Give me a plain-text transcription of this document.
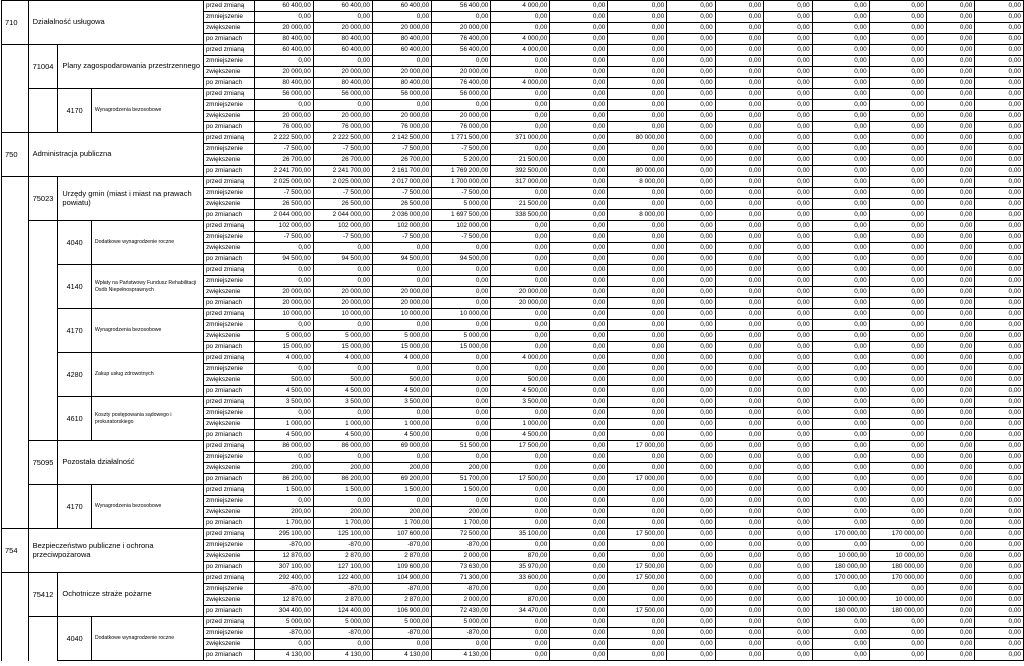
710	Działalność usługowa			przed zmianą	60 400,00	60 400,00	60 400,00	56 400,00	4 000,00	0,00	0,00	0,00	0,00	0,00	0,00	0,00	0,00	0,00
				zmniejszenie	0,00	0,00	0,00	0,00	0,00	0,00	0,00	0,00	0,00	0,00	0,00	0,00	0,00	0,00
				zwiększenie	20 000,00	20 000,00	20 000,00	20 000,00	0,00	0,00	0,00	0,00	0,00	0,00	0,00	0,00	0,00	0,00
				po zmianach	80 400,00	80 400,00	80 400,00	76 400,00	4 000,00	0,00	0,00	0,00	0,00	0,00	0,00	0,00	0,00	0,00
	71004	Plany zagospodarowania przestrzennego		przed zmianą	60 400,00	60 400,00	60 400,00	56 400,00	4 000,00	0,00	0,00	0,00	0,00	0,00	0,00	0,00	0,00	0,00
				zmniejszenie	0,00	0,00	0,00	0,00	0,00	0,00	0,00	0,00	0,00	0,00	0,00	0,00	0,00	0,00
				zwiększenie	20 000,00	20 000,00	20 000,00	20 000,00	0,00	0,00	0,00	0,00	0,00	0,00	0,00	0,00	0,00	0,00
				po zmianach	80 400,00	80 400,00	80 400,00	76 400,00	4 000,00	0,00	0,00	0,00	0,00	0,00	0,00	0,00	0,00	0,00
		4170	Wynagrodzenia bezosobowe	przed zmianą	56 000,00	56 000,00	56 000,00	56 000,00	0,00	0,00	0,00	0,00	0,00	0,00	0,00	0,00	0,00	0,00
				zmniejszenie	0,00	0,00	0,00	0,00	0,00	0,00	0,00	0,00	0,00	0,00	0,00	0,00	0,00	0,00
				zwiększenie	20 000,00	20 000,00	20 000,00	20 000,00	0,00	0,00	0,00	0,00	0,00	0,00	0,00	0,00	0,00	0,00
				po zmianach	76 000,00	76 000,00	76 000,00	76 000,00	0,00	0,00	0,00	0,00	0,00	0,00	0,00	0,00	0,00	0,00
750	Administracja publiczna			przed zmianą	2 222 500,00	2 222 500,00	2 142 500,00	1 771 500,00	371 000,00	0,00	80 000,00	0,00	0,00	0,00	0,00	0,00	0,00	0,00
				zmniejszenie	-7 500,00	-7 500,00	-7 500,00	-7 500,00	0,00	0,00	0,00	0,00	0,00	0,00	0,00	0,00	0,00	0,00
				zwiększenie	26 700,00	26 700,00	26 700,00	5 200,00	21 500,00	0,00	0,00	0,00	0,00	0,00	0,00	0,00	0,00	0,00
				po zmianach	2 241 700,00	2 241 700,00	2 161 700,00	1 769 200,00	392 500,00	0,00	80 000,00	0,00	0,00	0,00	0,00	0,00	0,00	0,00
	75023	Urzędy gmin (miast i miast na prawach powiatu)		przed zmianą	2 025 000,00	2 025 000,00	2 017 000,00	1 700 000,00	317 000,00	0,00	8 000,00	0,00	0,00	0,00	0,00	0,00	0,00	0,00
				zmniejszenie	-7 500,00	-7 500,00	-7 500,00	-7 500,00	0,00	0,00	0,00	0,00	0,00	0,00	0,00	0,00	0,00	0,00
				zwiększenie	26 500,00	26 500,00	26 500,00	5 000,00	21 500,00	0,00	0,00	0,00	0,00	0,00	0,00	0,00	0,00	0,00
				po zmianach	2 044 000,00	2 044 000,00	2 036 000,00	1 697 500,00	338 500,00	0,00	8 000,00	0,00	0,00	0,00	0,00	0,00	0,00	0,00
		4040	Dodatkowe wynagrodzenie roczne	przed zmianą	102 000,00	102 000,00	102 000,00	102 000,00	0,00	0,00	0,00	0,00	0,00	0,00	0,00	0,00	0,00	0,00
				zmniejszenie	-7 500,00	-7 500,00	-7 500,00	-7 500,00	0,00	0,00	0,00	0,00	0,00	0,00	0,00	0,00	0,00	0,00
				zwiększenie	0,00	0,00	0,00	0,00	0,00	0,00	0,00	0,00	0,00	0,00	0,00	0,00	0,00	0,00
				po zmianach	94 500,00	94 500,00	94 500,00	94 500,00	0,00	0,00	0,00	0,00	0,00	0,00	0,00	0,00	0,00	0,00
		4140	Wpłaty na Państwowy Fundusz Rehabilitacji Osób Niepełnosprawnych	przed zmianą	0,00	0,00	0,00	0,00	0,00	0,00	0,00	0,00	0,00	0,00	0,00	0,00	0,00	0,00
				zmniejszenie	0,00	0,00	0,00	0,00	0,00	0,00	0,00	0,00	0,00	0,00	0,00	0,00	0,00	0,00
				zwiększenie	20 000,00	20 000,00	20 000,00	0,00	20 000,00	0,00	0,00	0,00	0,00	0,00	0,00	0,00	0,00	0,00
				po zmianach	20 000,00	20 000,00	20 000,00	0,00	20 000,00	0,00	0,00	0,00	0,00	0,00	0,00	0,00	0,00	0,00
		4170	Wynagrodzenia bezosobowe	przed zmianą	10 000,00	10 000,00	10 000,00	10 000,00	0,00	0,00	0,00	0,00	0,00	0,00	0,00	0,00	0,00	0,00
				zmniejszenie	0,00	0,00	0,00	0,00	0,00	0,00	0,00	0,00	0,00	0,00	0,00	0,00	0,00	0,00
				zwiększenie	5 000,00	5 000,00	5 000,00	5 000,00	0,00	0,00	0,00	0,00	0,00	0,00	0,00	0,00	0,00	0,00
				po zmianach	15 000,00	15 000,00	15 000,00	15 000,00	0,00	0,00	0,00	0,00	0,00	0,00	0,00	0,00	0,00	0,00
		4280	Zakup usług zdrowotnych	przed zmianą	4 000,00	4 000,00	4 000,00	0,00	4 000,00	0,00	0,00	0,00	0,00	0,00	0,00	0,00	0,00	0,00
				zmniejszenie	0,00	0,00	0,00	0,00	0,00	0,00	0,00	0,00	0,00	0,00	0,00	0,00	0,00	0,00
				zwiększenie	500,00	500,00	500,00	0,00	500,00	0,00	0,00	0,00	0,00	0,00	0,00	0,00	0,00	0,00
				po zmianach	4 500,00	4 500,00	4 500,00	0,00	4 500,00	0,00	0,00	0,00	0,00	0,00	0,00	0,00	0,00	0,00
		4610	Koszty postępowania sądowego i prokuratorskiego	przed zmianą	3 500,00	3 500,00	3 500,00	0,00	3 500,00	0,00	0,00	0,00	0,00	0,00	0,00	0,00	0,00	0,00
				zmniejszenie	0,00	0,00	0,00	0,00	0,00	0,00	0,00	0,00	0,00	0,00	0,00	0,00	0,00	0,00
				zwiększenie	1 000,00	1 000,00	1 000,00	0,00	1 000,00	0,00	0,00	0,00	0,00	0,00	0,00	0,00	0,00	0,00
				po zmianach	4 500,00	4 500,00	4 500,00	0,00	4 500,00	0,00	0,00	0,00	0,00	0,00	0,00	0,00	0,00	0,00
	75095	Pozostała działalność		przed zmianą	86 000,00	86 000,00	69 000,00	51 500,00	17 500,00	0,00	17 000,00	0,00	0,00	0,00	0,00	0,00	0,00	0,00
				zmniejszenie	0,00	0,00	0,00	0,00	0,00	0,00	0,00	0,00	0,00	0,00	0,00	0,00	0,00	0,00
				zwiększenie	200,00	200,00	200,00	200,00	0,00	0,00	0,00	0,00	0,00	0,00	0,00	0,00	0,00	0,00
				po zmianach	86 200,00	86 200,00	69 200,00	51 700,00	17 500,00	0,00	17 000,00	0,00	0,00	0,00	0,00	0,00	0,00	0,00
		4170	Wynagrodzenia bezosobowe	przed zmianą	1 500,00	1 500,00	1 500,00	1 500,00	0,00	0,00	0,00	0,00	0,00	0,00	0,00	0,00	0,00	0,00
				zmniejszenie	0,00	0,00	0,00	0,00	0,00	0,00	0,00	0,00	0,00	0,00	0,00	0,00	0,00	0,00
				zwiększenie	200,00	200,00	200,00	200,00	0,00	0,00	0,00	0,00	0,00	0,00	0,00	0,00	0,00	0,00
				po zmianach	1 700,00	1 700,00	1 700,00	1 700,00	0,00	0,00	0,00	0,00	0,00	0,00	0,00	0,00	0,00	0,00
754	Bezpieczeństwo publiczne i ochrona przeciwpożarowa			przed zmianą	295 100,00	125 100,00	107 600,00	72 500,00	35 100,00	0,00	17 500,00	0,00	0,00	0,00	170 000,00	170 000,00	0,00	0,00
				zmniejszenie	-870,00	-870,00	-870,00	-870,00	0,00	0,00	0,00	0,00	0,00	0,00	0,00	0,00	0,00	0,00
				zwiększenie	12 870,00	2 870,00	2 870,00	2 000,00	870,00	0,00	0,00	0,00	0,00	0,00	10 000,00	10 000,00	0,00	0,00
				po zmianach	307 100,00	127 100,00	109 600,00	73 630,00	35 970,00	0,00	17 500,00	0,00	0,00	0,00	180 000,00	180 000,00	0,00	0,00
	75412	Ochotnicze straże pożarne		przed zmianą	292 400,00	122 400,00	104 900,00	71 300,00	33 600,00	0,00	17 500,00	0,00	0,00	0,00	170 000,00	170 000,00	0,00	0,00
				zmniejszenie	-870,00	-870,00	-870,00	-870,00	0,00	0,00	0,00	0,00	0,00	0,00	0,00	0,00	0,00	0,00
				zwiększenie	12 870,00	2 870,00	2 870,00	2 000,00	870,00	0,00	0,00	0,00	0,00	0,00	10 000,00	10 000,00	0,00	0,00
				po zmianach	304 400,00	124 400,00	106 900,00	72 430,00	34 470,00	0,00	17 500,00	0,00	0,00	0,00	180 000,00	180 000,00	0,00	0,00
		4040	Dodatkowe wynagrodzenie roczne	przed zmianą	5 000,00	5 000,00	5 000,00	5 000,00	0,00	0,00	0,00	0,00	0,00	0,00	0,00	0,00	0,00	0,00
				zmniejszenie	-870,00	-870,00	-870,00	-870,00	0,00	0,00	0,00	0,00	0,00	0,00	0,00	0,00	0,00	0,00
				zwiększenie	0,00	0,00	0,00	0,00	0,00	0,00	0,00	0,00	0,00	0,00	0,00	0,00	0,00	0,00
				po zmianach	4 130,00	4 130,00	4 130,00	4 130,00	0,00	0,00	0,00	0,00	0,00	0,00	0,00	0,00	0,00	0,00
